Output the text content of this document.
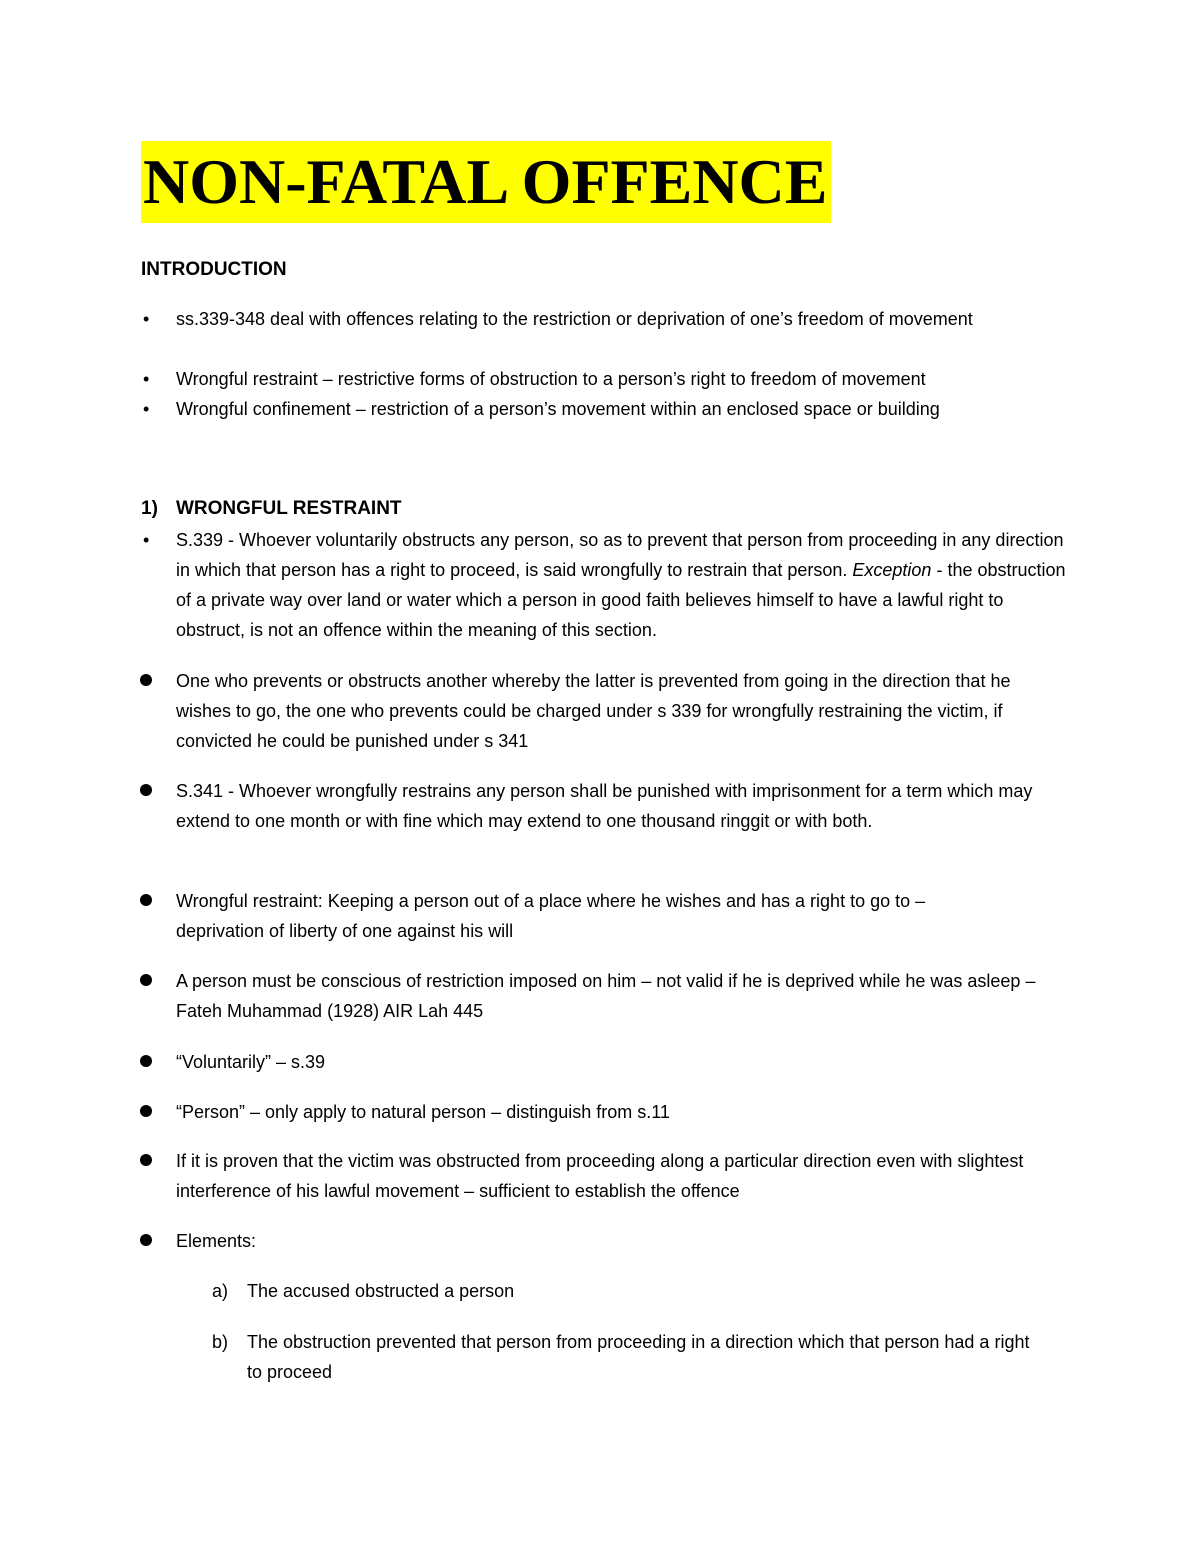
NON-FATAL OFFENCE
INTRODUCTION
• ss.339-348 deal with offences relating to the restriction or deprivation of one’s freedom of movement
• Wrongful restraint – restrictive forms of obstruction to a person’s right to freedom of movement
• Wrongful confinement – restriction of a person’s movement within an enclosed space or building
1) WRONGFUL RESTRAINT
• S.339 - Whoever voluntarily obstructs any person, so as to prevent that person from proceeding in any direction in which that person has a right to proceed, is said wrongfully to restrain that person. Exception - the obstruction of a private way over land or water which a person in good faith believes himself to have a lawful right to obstruct, is not an offence within the meaning of this section.
One who prevents or obstructs another whereby the latter is prevented from going in the direction that he wishes to go, the one who prevents could be charged under s 339 for wrongfully restraining the victim, if convicted he could be punished under s 341
S.341 - Whoever wrongfully restrains any person shall be punished with imprisonment for a term which may extend to one month or with fine which may extend to one thousand ringgit or with both.
Wrongful restraint: Keeping a person out of a place where he wishes and has a right to go to – deprivation of liberty of one against his will
A person must be conscious of restriction imposed on him – not valid if he is deprived while he was asleep – Fateh Muhammad (1928) AIR Lah 445
“Voluntarily” – s.39
“Person” – only apply to natural person – distinguish from s.11
If it is proven that the victim was obstructed from proceeding along a particular direction even with slightest interference of his lawful movement – sufficient to establish the offence
Elements:
a) The accused obstructed a person
b) The obstruction prevented that person from proceeding in a direction which that person had a right to proceed
